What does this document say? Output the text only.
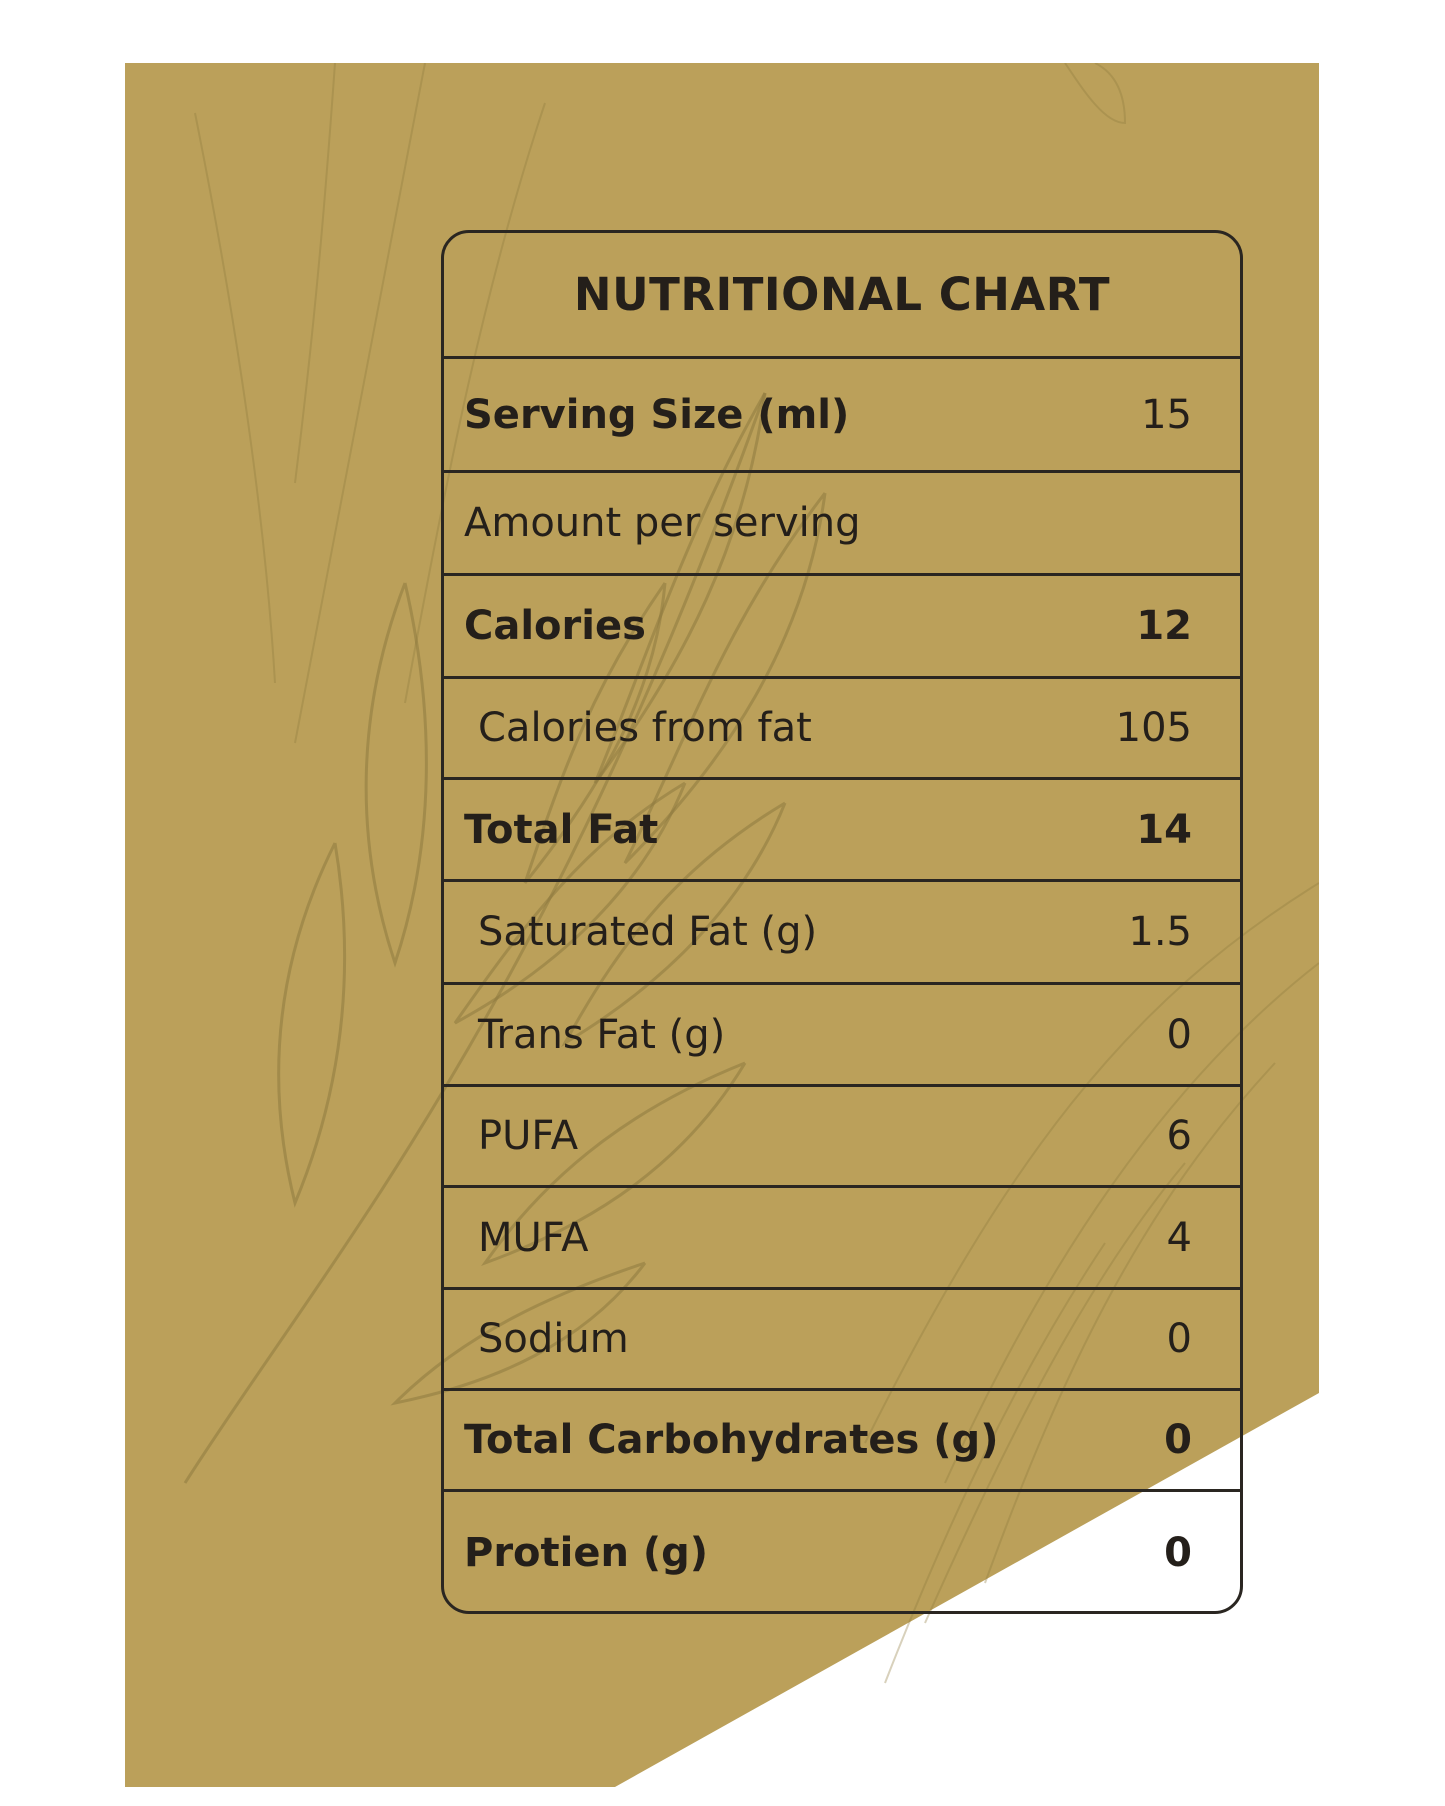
NUTRITIONAL CHART
Serving Size (ml)	15
Amount per serving
Calories	12
Calories from fat	105
Total Fat	14
Saturated Fat (g)	1.5
Trans Fat (g)	0
PUFA	6
MUFA	4
Sodium	0
Total Carbohydrates (g)	0
Protien (g)	0
